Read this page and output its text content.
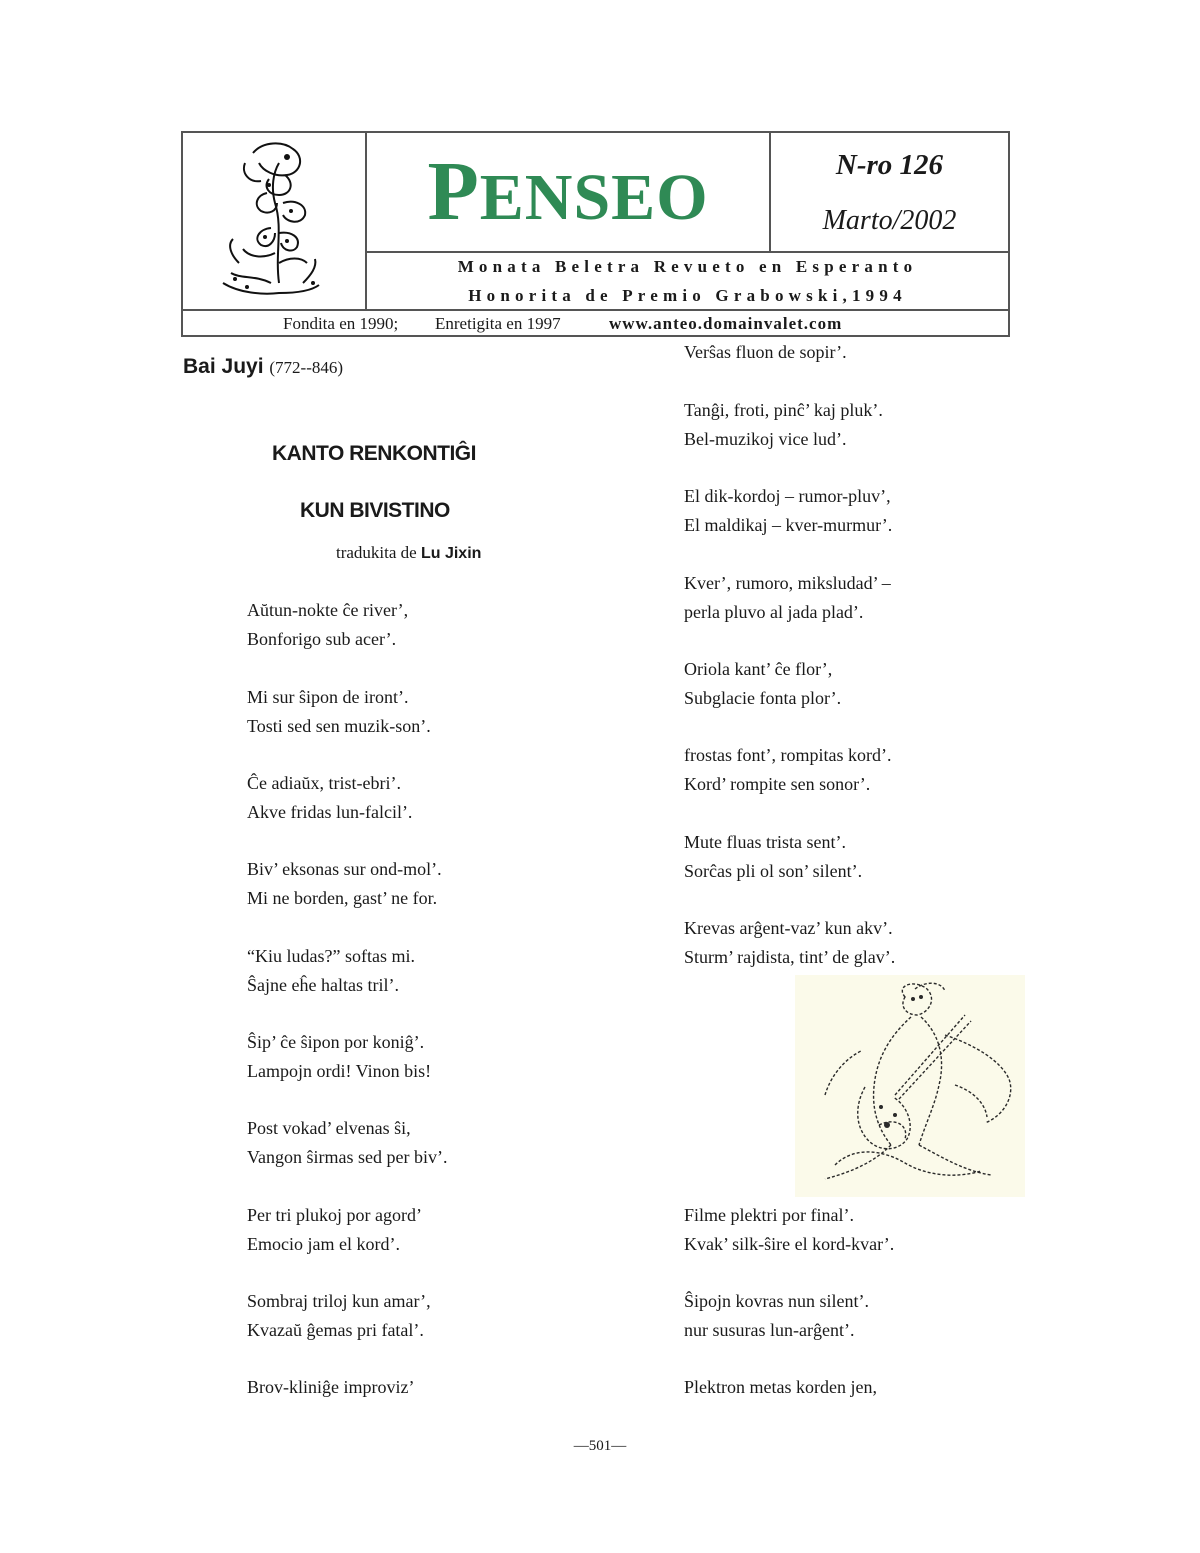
PENSEO	N-ro 126
Marto/2002
Monata Beletra Revueto en Esperanto
Honorita de Premio Grabowski,1994
Fondita en 1990; Enretigita en 1997	www.anteo.domainvalet.com
Bai Juyi (772--846)
KANTO RENKONTIĜI
KUN BIVISTINO
tradukita de Lu Jixin
Aŭtun-nokte ĉe river’,
Bonforigo sub acer’.
Mi sur ŝipon de iront’.
Tosti sed sen muzik-son’.
Ĉe adiaŭx, trist-ebri’.
Akve fridas lun-falcil’.
Biv’ eksonas sur ond-mol’.
Mi ne borden, gast’ ne for.
“Kiu ludas?” softas mi.
Ŝajne eĥe haltas tril’.
Ŝip’ ĉe ŝipon por koniĝ’.
Lampojn ordi! Vinon bis!
Post vokad’ elvenas ŝi,
Vangon ŝirmas sed per biv’.
Per tri plukoj por agord’
Emocio jam el kord’.
Sombraj triloj kun amar’,
Kvazaŭ ĝemas pri fatal’.
Brov-kliniĝe improviz’
Verŝas fluon de sopir’.
Tanĝi, froti, pinĉ’ kaj pluk’.
Bel-muzikoj vice lud’.
El dik-kordoj – rumor-pluv’,
El maldikaj – kver-murmur’.
Kver’, rumoro, miksludad’ –
perla pluvo al jada plad’.
Oriola kant’ ĉe flor’,
Subglacie fonta plor’.
frostas font’, rompitas kord’.
Kord’ rompite sen sonor’.
Mute fluas trista sent’.
Sorĉas pli ol son’ silent’.
Krevas arĝent-vaz’ kun akv’.
Sturm’ rajdista, tint’ de glav’.
Filme plektri por final’.
Kvak’ silk-ŝire el kord-kvar’.
Ŝipojn kovras nun silent’.
nur susuras lun-arĝent’.
Plektron metas korden jen,
—501—
